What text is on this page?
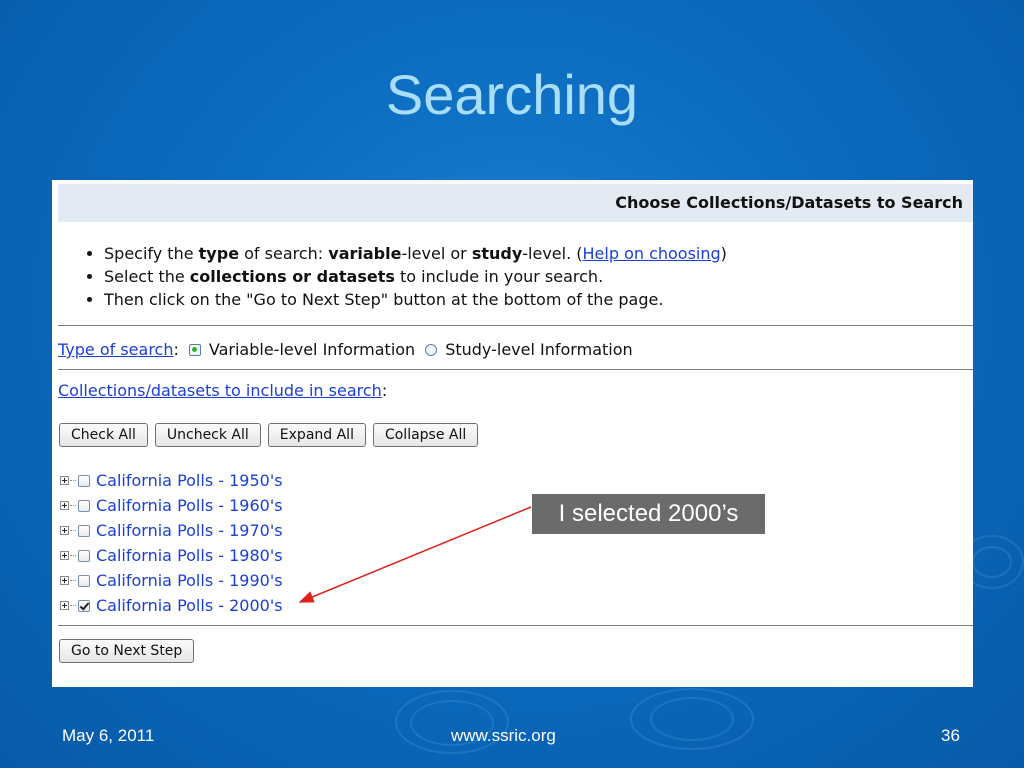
Searching
Choose Collections/Datasets to Search
• Specify the type of search: variable-level or study-level. (Help on choosing)
• Select the collections or datasets to include in your search.
• Then click on the "Go to Next Step" button at the bottom of the page.
Type of search : Variable-level Information Study-level Information
Collections/datasets to include in search:
Check All	Uncheck All	Expand All	Collapse All
California Polls - 1950's
California Polls - 1960's
California Polls - 1970's
California Polls - 1980's
California Polls - 1990's
California Polls - 2000's
Go to Next Step
I selected 2000’s
May 6, 2011	www.ssric.org	36
